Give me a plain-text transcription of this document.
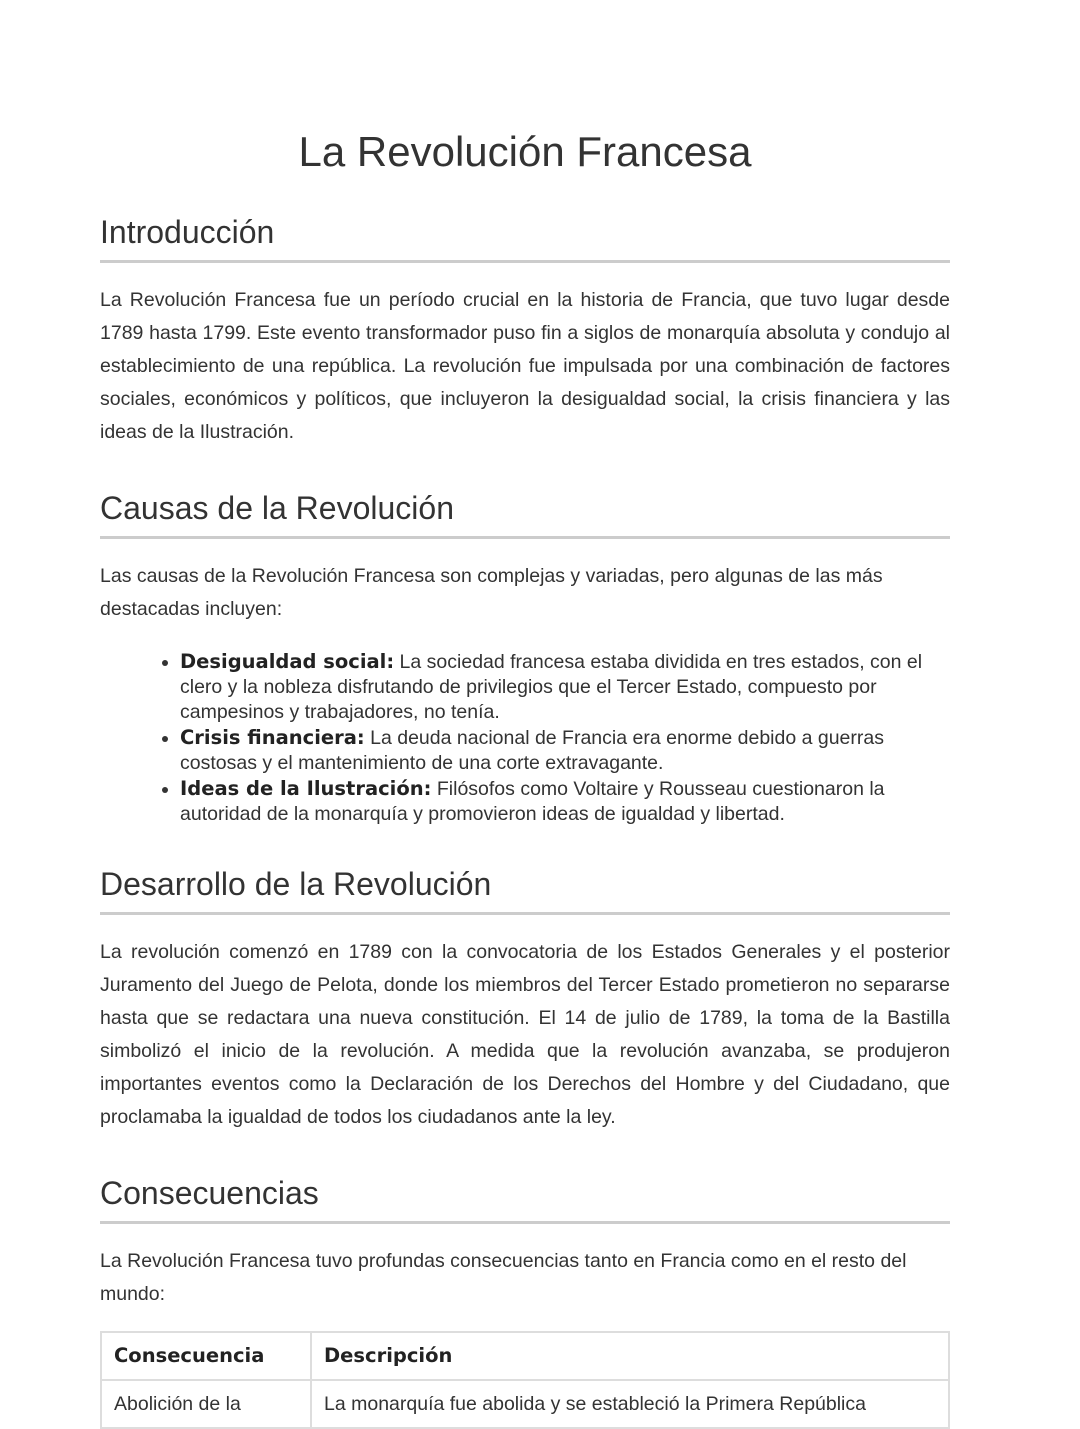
La Revolución Francesa
Introducción

La Revolución Francesa fue un período crucial en la historia de Francia, que tuvo lugar desde 1789 hasta 1799. Este evento transformador puso fin a siglos de monarquía absoluta y condujo al establecimiento de una república. La revolución fue impulsada por una combinación de factores sociales, económicos y políticos, que incluyeron la desigualdad social, la crisis financiera y las ideas de la Ilustración.

Causas de la Revolución

Las causas de la Revolución Francesa son complejas y variadas, pero algunas de las más destacadas incluyen:

• Desigualdad social: La sociedad francesa estaba dividida en tres estados, con el clero y la nobleza disfrutando de privilegios que el Tercer Estado, compuesto por campesinos y trabajadores, no tenía.
• Crisis financiera: La deuda nacional de Francia era enorme debido a guerras costosas y el mantenimiento de una corte extravagante.
• Ideas de la Ilustración: Filósofos como Voltaire y Rousseau cuestionaron la autoridad de la monarquía y promovieron ideas de igualdad y libertad.
Desarrollo de la Revolución

La revolución comenzó en 1789 con la convocatoria de los Estados Generales y el posterior Juramento del Juego de Pelota, donde los miembros del Tercer Estado prometieron no separarse hasta que se redactara una nueva constitución. El 14 de julio de 1789, la toma de la Bastilla simbolizó el inicio de la revolución. A medida que la revolución avanzaba, se produjeron importantes eventos como la Declaración de los Derechos del Hombre y del Ciudadano, que proclamaba la igualdad de todos los ciudadanos ante la ley.

Consecuencias

La Revolución Francesa tuvo profundas consecuencias tanto en Francia como en el resto del mundo:

Consecuencia	Descripción
Abolición de la	La monarquía fue abolida y se estableció la Primera República
